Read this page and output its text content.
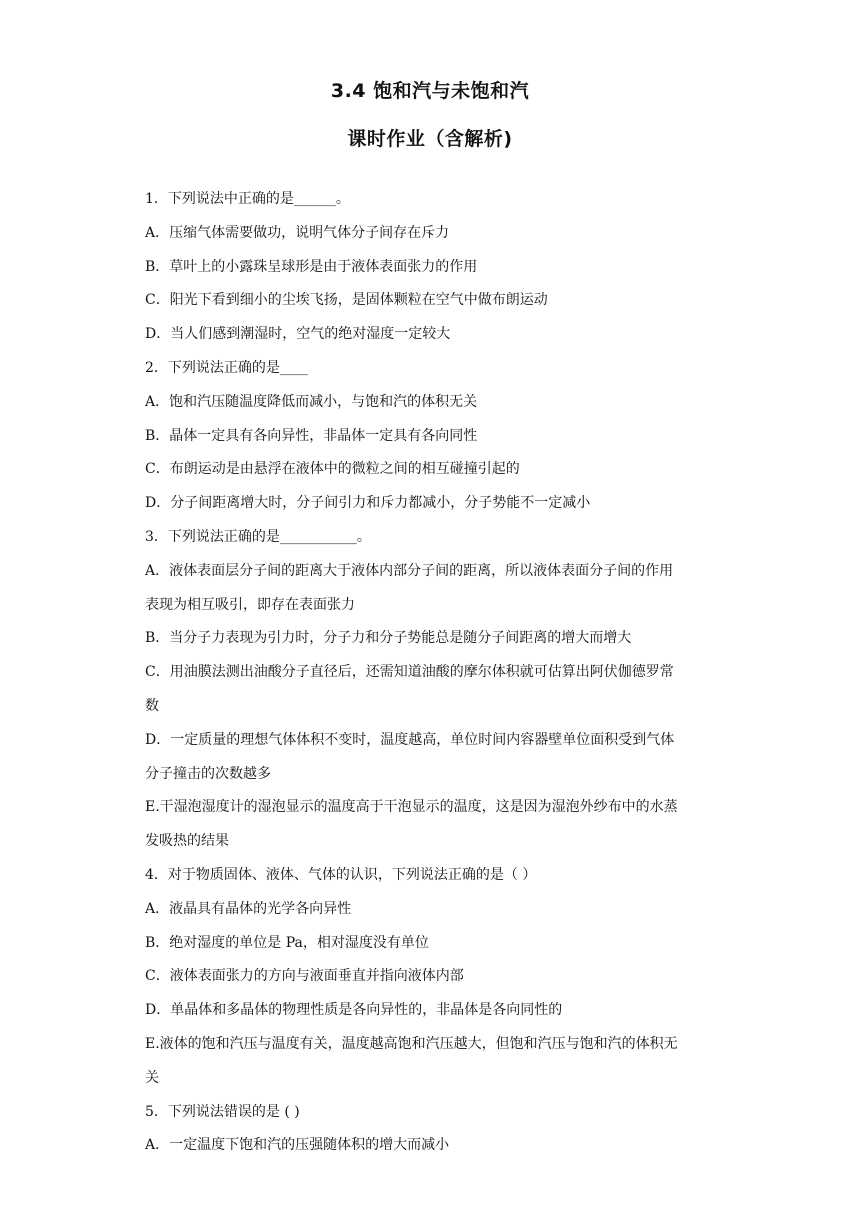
3.4 饱和汽与未饱和汽
课时作业（含解析)
1．下列说法中正确的是______。
A．压缩气体需要做功，说明气体分子间存在斥力
B．草叶上的小露珠呈球形是由于液体表面张力的作用
C．阳光下看到细小的尘埃飞扬，是固体颗粒在空气中做布朗运动
D．当人们感到潮湿时，空气的绝对湿度一定较大
2．下列说法正确的是____
A．饱和汽压随温度降低而减小，与饱和汽的体积无关
B．晶体一定具有各向异性，非晶体一定具有各向同性
C．布朗运动是由悬浮在液体中的微粒之间的相互碰撞引起的
D．分子间距离增大时，分子间引力和斥力都减小，分子势能不一定减小
3．下列说法正确的是___________。
A．液体表面层分子间的距离大于液体内部分子间的距离，所以液体表面分子间的作用
表现为相互吸引，即存在表面张力
B．当分子力表现为引力时，分子力和分子势能总是随分子间距离的增大而增大
C．用油膜法测出油酸分子直径后，还需知道油酸的摩尔体积就可估算出阿伏伽德罗常
数
D．一定质量的理想气体体积不变时，温度越高，单位时间内容器壁单位面积受到气体
分子撞击的次数越多
E.干湿泡湿度计的湿泡显示的温度高于干泡显示的温度，这是因为湿泡外纱布中的水蒸
发吸热的结果
4．对于物质固体、液体、气体的认识，下列说法正确的是（ ）
A．液晶具有晶体的光学各向异性
B．绝对湿度的单位是 Pa，相对湿度没有单位
C．液体表面张力的方向与液面垂直并指向液体内部
D．单晶体和多晶体的物理性质是各向异性的，非晶体是各向同性的
E.液体的饱和汽压与温度有关，温度越高饱和汽压越大，但饱和汽压与饱和汽的体积无
关
5．下列说法错误的是 ( )
A．一定温度下饱和汽的压强随体积的增大而减小
